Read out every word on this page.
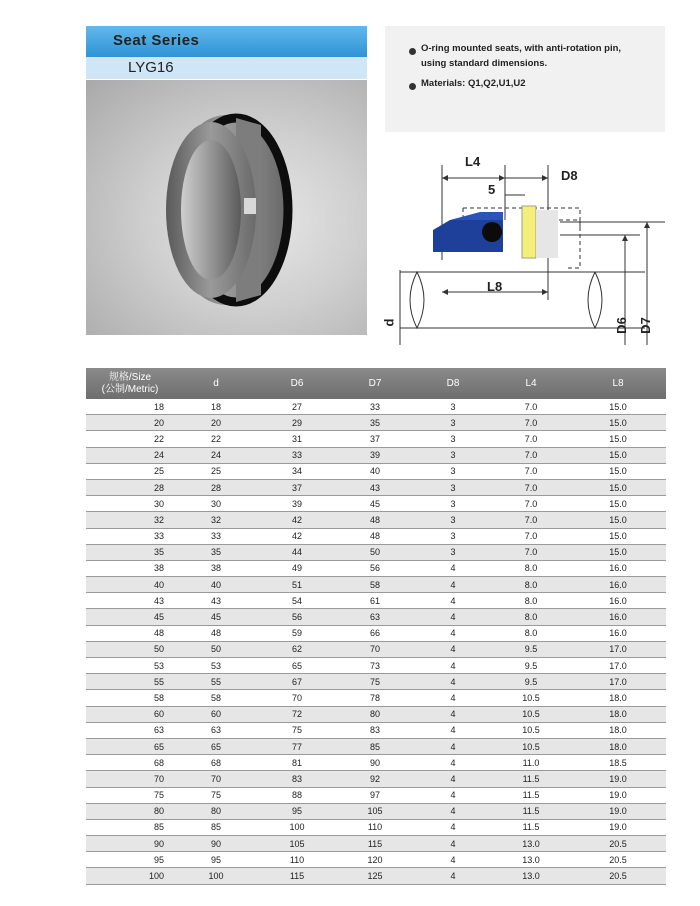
Seat Series
LYG16
O-ring mounted seats, with anti-rotation pin,
using standard dimensions.
Materials: Q1,Q2,U1,U2
L4
D8
5
L8
d	D6 D7
规格/Size
(公制/Metric)	d	D6	D7	D8	L4	L8
18	18	27	33	3	7.0	15.0
20	20	29	35	3	7.0	15.0
22	22	31	37	3	7.0	15.0
24	24	33	39	3	7.0	15.0
25	25	34	40	3	7.0	15.0
28	28	37	43	3	7.0	15.0
30	30	39	45	3	7.0	15.0
32	32	42	48	3	7.0	15.0
33	33	42	48	3	7.0	15.0
35	35	44	50	3	7.0	15.0
38	38	49	56	4	8.0	16.0
40	40	51	58	4	8.0	16.0
43	43	54	61	4	8.0	16.0
45	45	56	63	4	8.0	16.0
48	48	59	66	4	8.0	16.0
50	50	62	70	4	9.5	17.0
53	53	65	73	4	9.5	17.0
55	55	67	75	4	9.5	17.0
58	58	70	78	4	10.5	18.0
60	60	72	80	4	10.5	18.0
63	63	75	83	4	10.5	18.0
65	65	77	85	4	10.5	18.0
68	68	81	90	4	11.0	18.5
70	70	83	92	4	11.5	19.0
75	75	88	97	4	11.5	19.0
80	80	95	105	4	11.5	19.0
85	85	100	110	4	11.5	19.0
90	90	105	115	4	13.0	20.5
95	95	110	120	4	13.0	20.5
100	100	115	125	4	13.0	20.5
